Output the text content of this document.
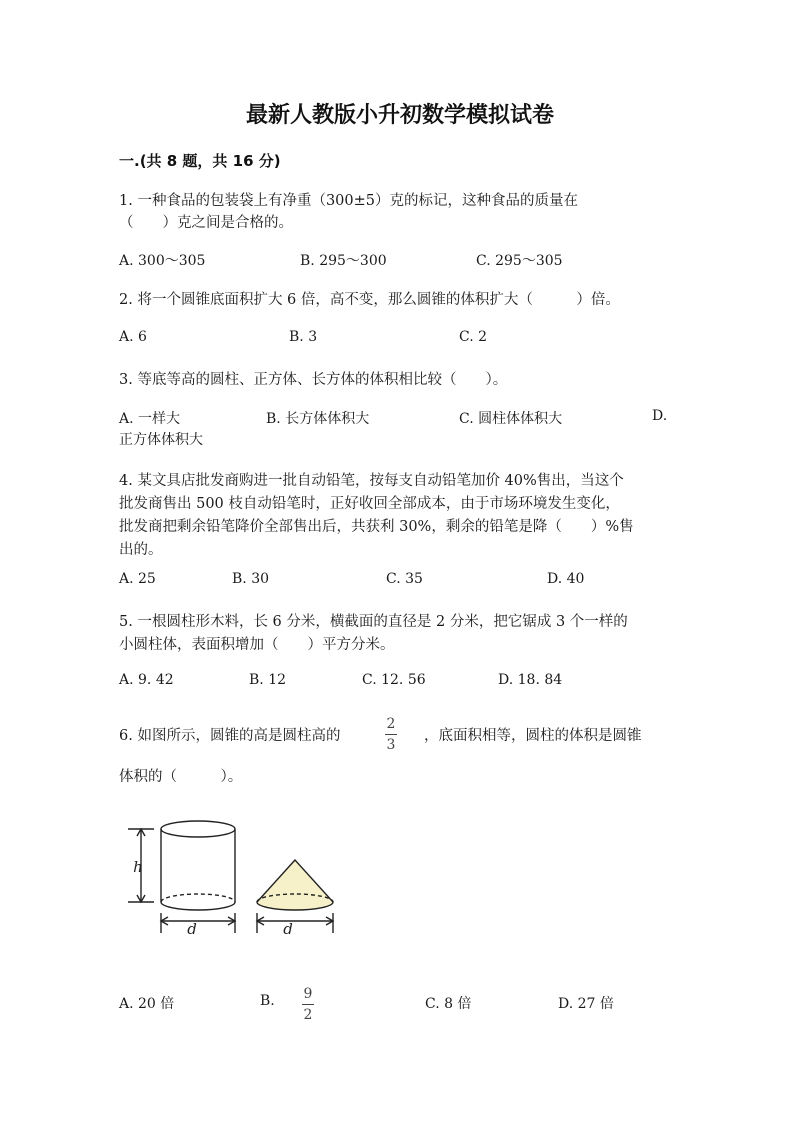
最新人教版小升初数学模拟试卷
一.(共 8 题，共 16 分)
1. 一种食品的包装袋上有净重（300±5）克的标记，这种食品的质量在
（　　）克之间是合格的。
A. 300～305	B. 295～300	C. 295～305
2. 将一个圆锥底面积扩大 6 倍，高不变，那么圆锥的体积扩大（　　　）倍。
A. 6	B. 3	C. 2
3. 等底等高的圆柱、正方体、长方体的体积相比较（　　）。
A. 一样大	B. 长方体体积大	C. 圆柱体体积大	D.
正方体体积大
4. 某文具店批发商购进一批自动铅笔，按每支自动铅笔加价 40%售出，当这个
批发商售出 500 枝自动铅笔时，正好收回全部成本，由于市场环境发生变化，
批发商把剩余铅笔降价全部售出后，共获利 30%，剩余的铅笔是降（　　）%售
出的。
A. 25	B. 30	C. 35	D. 40
5. 一根圆柱形木料，长 6 分米，横截面的直径是 2 分米，把它锯成 3 个一样的
小圆柱体，表面积增加（　　）平方分米。
A. 9. 42	B. 12	C. 12. 56	D. 18. 84
6. 如图所示，圆锥的高是圆柱高的
2
3
，底面积相等，圆柱的体积是圆锥
体积的（　　　）。
h
d	d
A. 20 倍	B.	9
2
C. 8 倍	D. 27 倍
